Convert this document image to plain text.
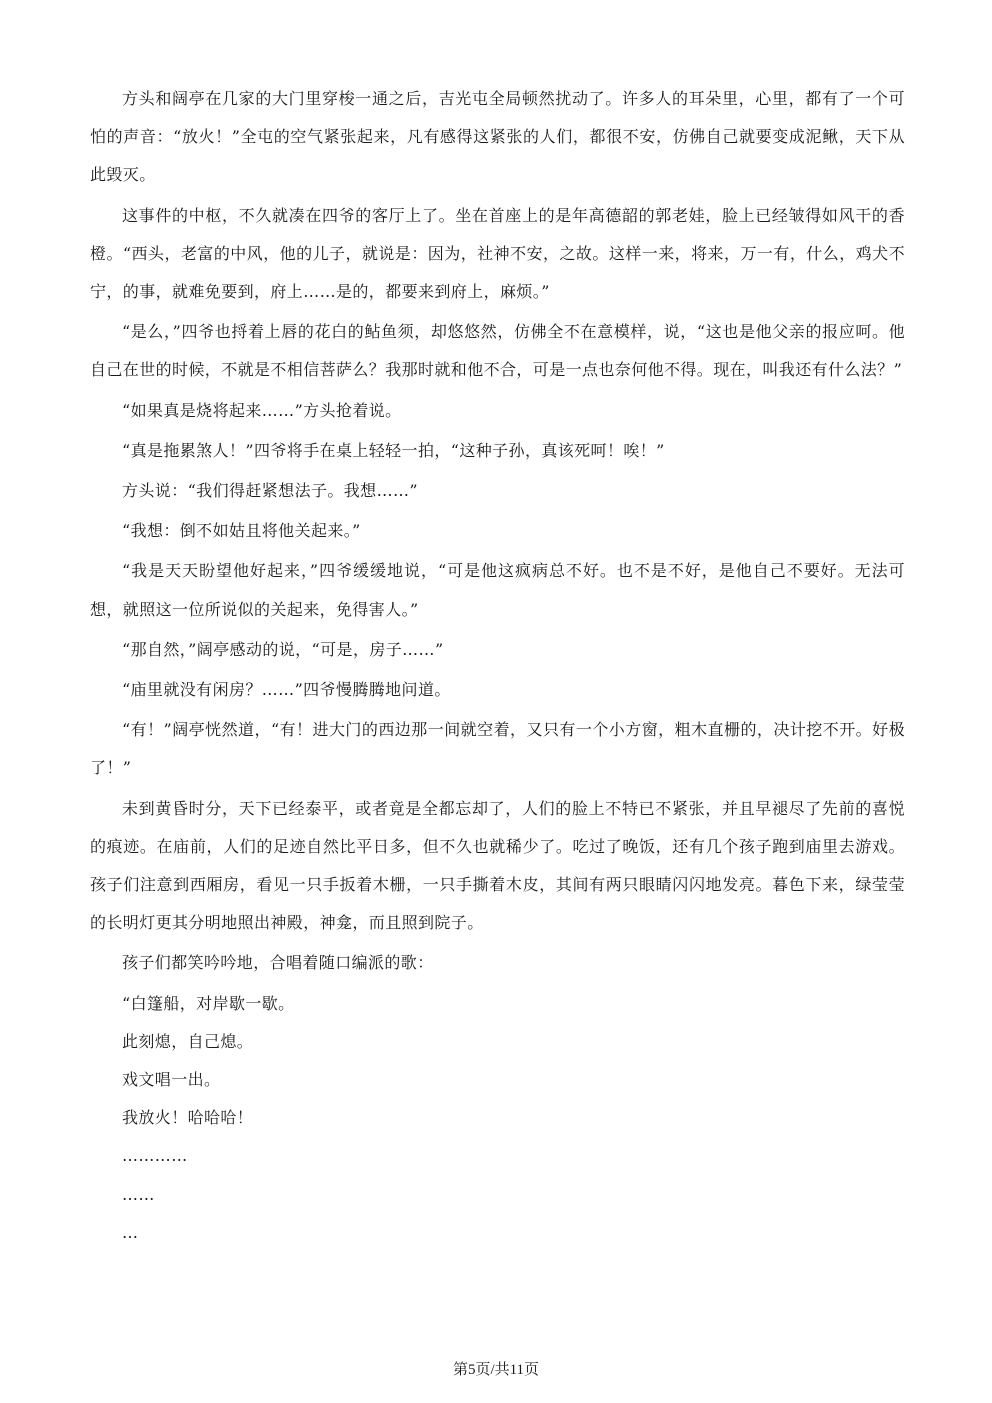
方头和阔亭在几家的大门里穿梭一通之后，吉光屯全局顿然扰动了。许多人的耳朵里，心里，都有了一个可怕的声音：“放火！”全屯的空气紧张起来，凡有感得这紧张的人们，都很不安，仿佛自己就要变成泥鳅，天下从此毁灭。

这事件的中枢，不久就凑在四爷的客厅上了。坐在首座上的是年高德韶的郭老娃，脸上已经皱得如风干的香橙。“西头，老富的中风，他的儿子，就说是：因为，社神不安，之故。这样一来，将来，万一有，什么，鸡犬不宁，的事，就难免要到，府上……是的，都要来到府上，麻烦。”

“是么，”四爷也捋着上唇的花白的鲇鱼须，却悠悠然，仿佛全不在意模样，说，“这也是他父亲的报应呵。他自己在世的时候，不就是不相信菩萨么？我那时就和他不合，可是一点也奈何他不得。现在，叫我还有什么法？”

“如果真是烧将起来……”方头抢着说。

“真是拖累煞人！”四爷将手在桌上轻轻一拍，“这种子孙，真该死呵！唉！”

方头说：“我们得赶紧想法子。我想……”

“我想：倒不如姑且将他关起来。”

“我是天天盼望他好起来，”四爷缓缓地说，“可是他这疯病总不好。也不是不好，是他自己不要好。无法可想，就照这一位所说似的关起来，免得害人。”

“那自然，”阔亭感动的说，“可是，房子……”

“庙里就没有闲房？……”四爷慢腾腾地问道。

“有！”阔亭恍然道，“有！进大门的西边那一间就空着，又只有一个小方窗，粗木直栅的，决计挖不开。好极了！”

未到黄昏时分，天下已经泰平，或者竟是全都忘却了，人们的脸上不特已不紧张，并且早褪尽了先前的喜悦的痕迹。在庙前，人们的足迹自然比平日多，但不久也就稀少了。吃过了晚饭，还有几个孩子跑到庙里去游戏。孩子们注意到西厢房，看见一只手扳着木栅，一只手撕着木皮，其间有两只眼睛闪闪地发亮。暮色下来，绿莹莹的长明灯更其分明地照出神殿，神龛，而且照到院子。

孩子们都笑吟吟地，合唱着随口编派的歌：

“白篷船，对岸歇一歇。

此刻熄，自己熄。

戏文唱一出。

我放火！哈哈哈！

…………

……

…

第5页/共11页
